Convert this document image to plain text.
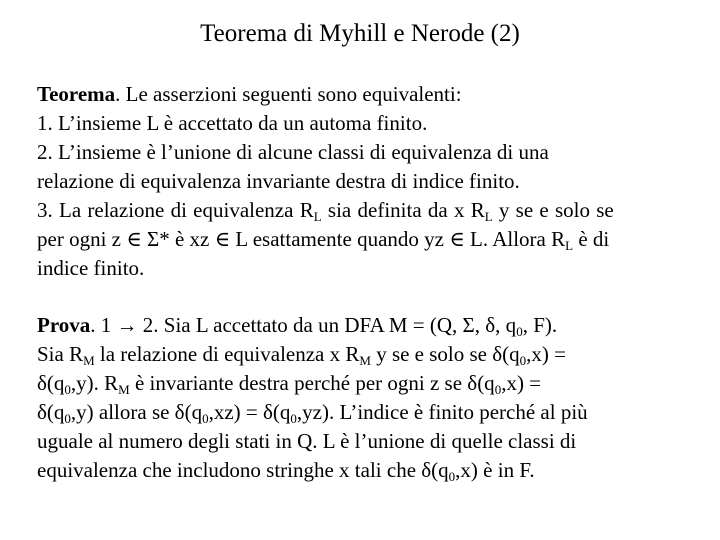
Teorema di Myhill e Nerode (2)
Teorema. Le asserzioni seguenti sono equivalenti:
1. L’insieme L è accettato da un automa finito.
2. L’insieme è l’unione di alcune classi di equivalenza di una
relazione di equivalenza invariante destra di indice finito.
3. La relazione di equivalenza $R_L$ sia definita da x $R_L$ y se e solo se
per ogni z ∈ Σ* è xz ∈ L esattamente quando yz ∈ L. Allora $R_L$ è di
indice finito.
Prova. 1 → 2. Sia L accettato da un DFA M = (Q, Σ, δ, $q_0$, F).
Sia $R_M$ la relazione di equivalenza x $R_M$ y se e solo se $\delta(q_0,x)$ =
$\delta(q_0,y)$. $R_M$ è invariante destra perché per ogni z se $\delta(q_0,x)$ =
$\delta(q_0,y)$ allora se $\delta(q_0,xz) = \delta(q_0,yz)$. L’indice è finito perché al più
uguale al numero degli stati in Q. L è l’unione di quelle classi di
equivalenza che includono stringhe x tali che $\delta(q_0,x)$ è in F.
